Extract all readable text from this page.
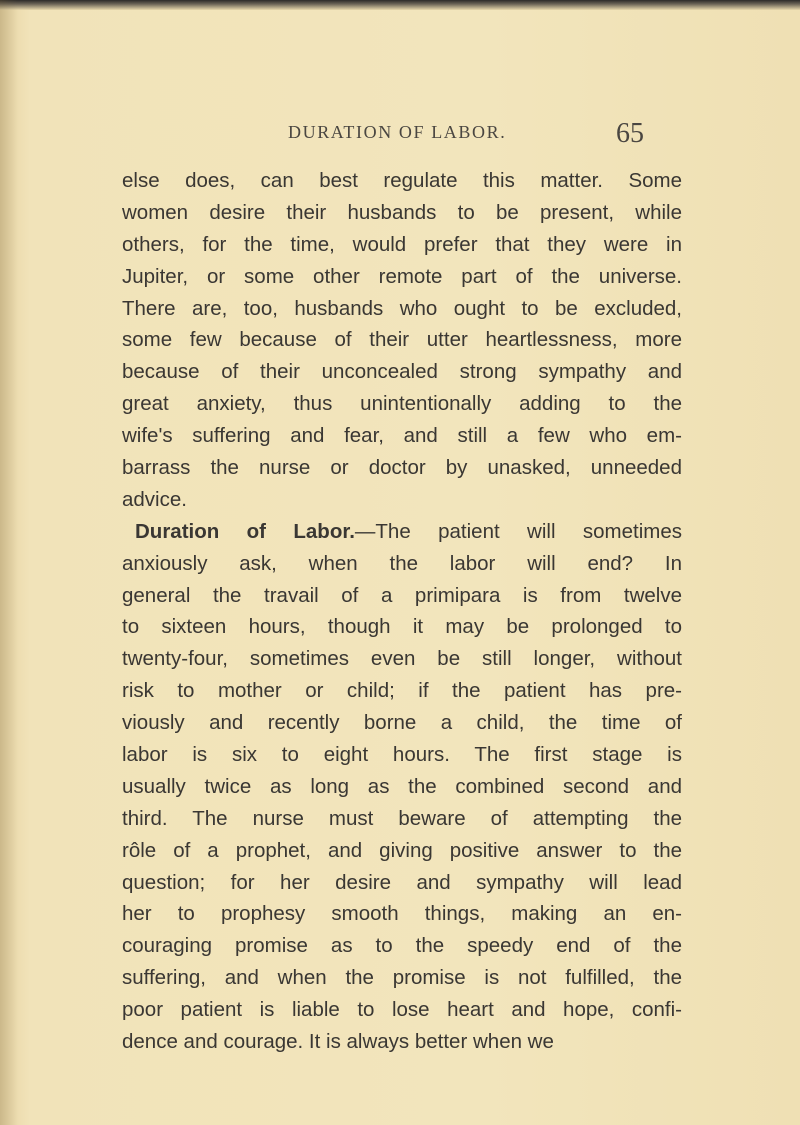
DURATION OF LABOR.	65
else does, can best regulate this matter. Some
women desire their husbands to be present, while
others, for the time, would prefer that they were in
Jupiter, or some other remote part of the universe.
There are, too, husbands who ought to be excluded,
some few because of their utter heartlessness, more
because of their unconcealed strong sympathy and
great anxiety, thus unintentionally adding to the
wife's suffering and fear, and still a few who em-
barrass the nurse or doctor by unasked, unneeded
advice.
Duration of Labor.—The patient will sometimes
anxiously ask, when the labor will end? In
general the travail of a primipara is from twelve
to sixteen hours, though it may be prolonged to
twenty-four, sometimes even be still longer, without
risk to mother or child; if the patient has pre-
viously and recently borne a child, the time of
labor is six to eight hours. The first stage is
usually twice as long as the combined second and
third. The nurse must beware of attempting the
rôle of a prophet, and giving positive answer to the
question; for her desire and sympathy will lead
her to prophesy smooth things, making an en-
couraging promise as to the speedy end of the
suffering, and when the promise is not fulfilled, the
poor patient is liable to lose heart and hope, confi-
dence and courage. It is always better when we
